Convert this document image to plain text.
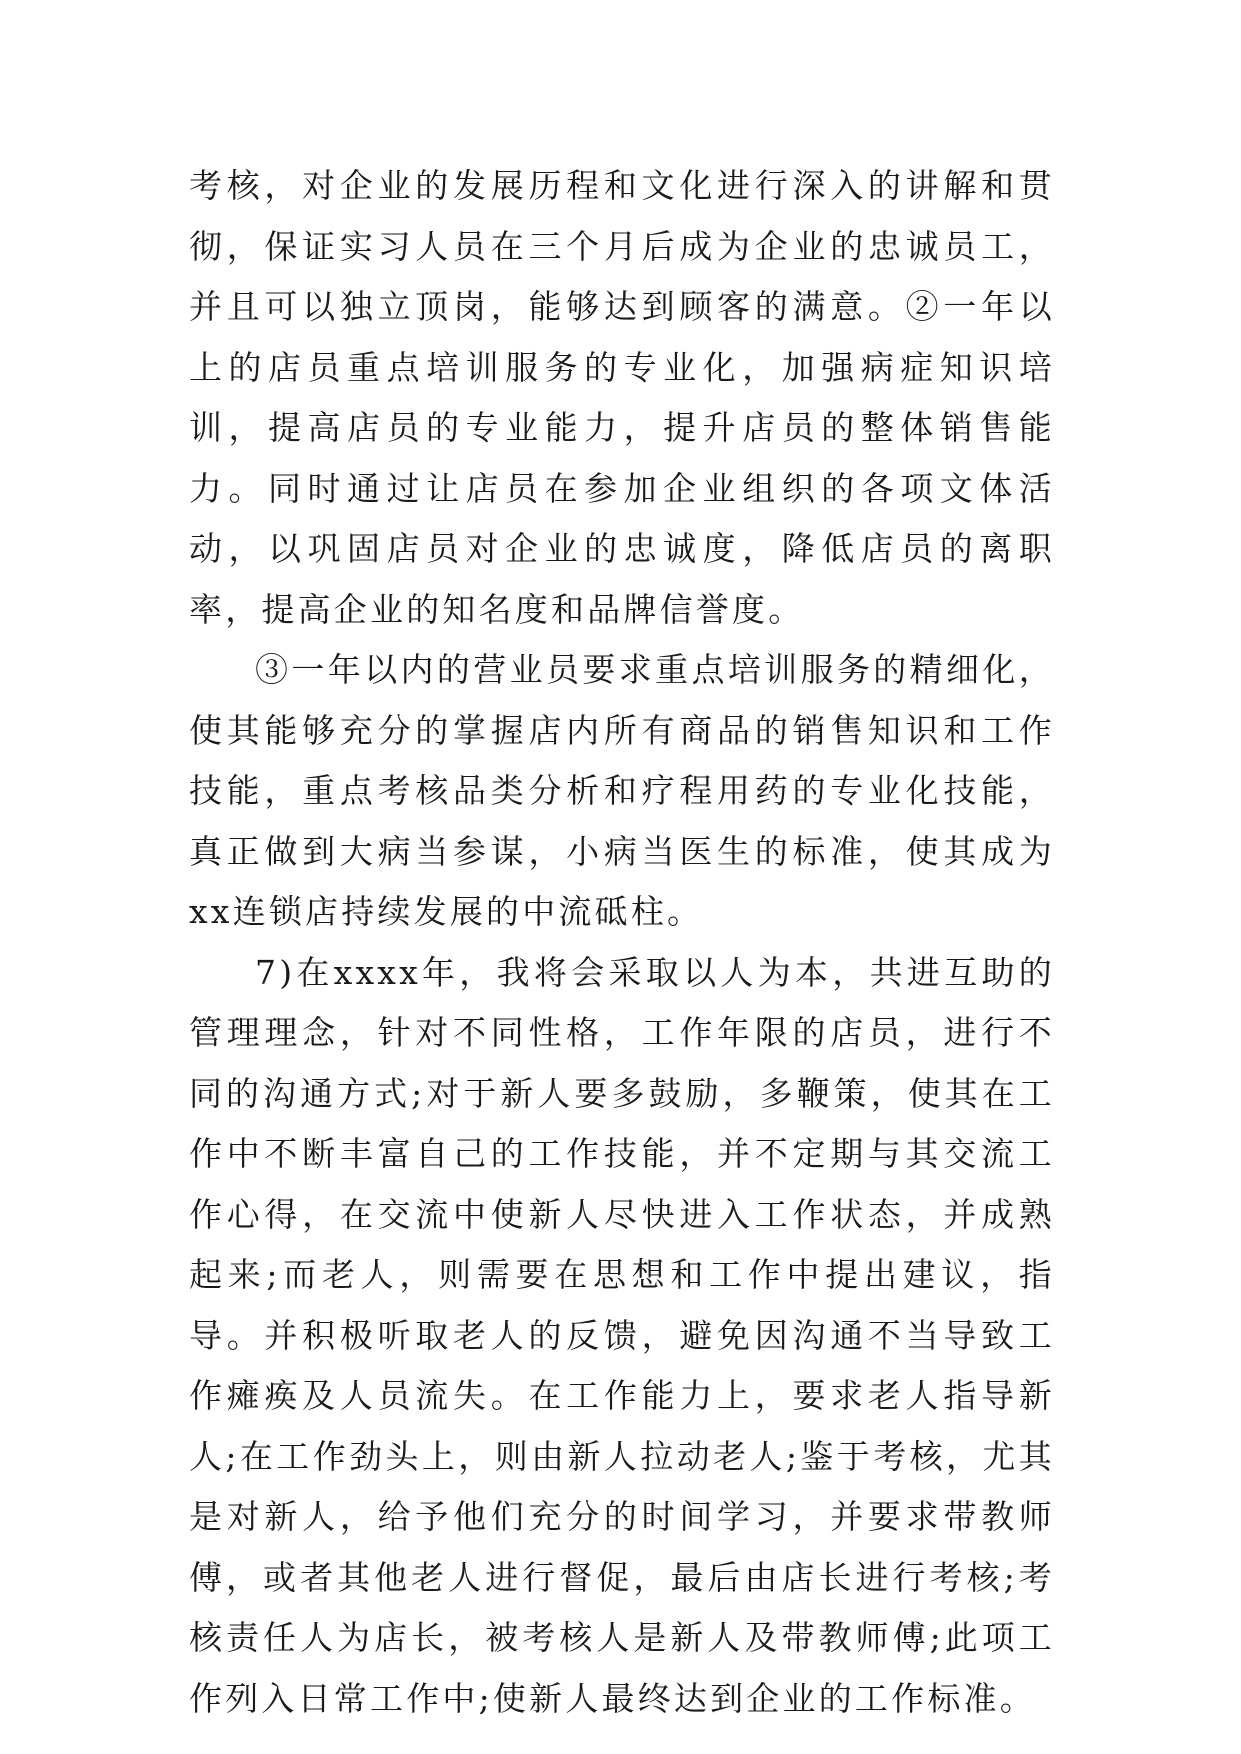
考核，对企业的发展历程和文化进行深入的讲解和贯彻，保证实习人员在三个月后成为企业的忠诚员工，并且可以独立顶岗，能够达到顾客的满意。②一年以上的店员重点培训服务的专业化，加强病症知识培训，提高店员的专业能力，提升店员的整体销售能力。同时通过让店员在参加企业组织的各项文体活动，以巩固店员对企业的忠诚度，降低店员的离职率，提高企业的知名度和品牌信誉度。

③一年以内的营业员要求重点培训服务的精细化，使其能够充分的掌握店内所有商品的销售知识和工作技能，重点考核品类分析和疗程用药的专业化技能，真正做到大病当参谋，小病当医生的标准，使其成为xx连锁店持续发展的中流砥柱。

7)在xxxx年，我将会采取以人为本，共进互助的管理理念，针对不同性格，工作年限的店员，进行不同的沟通方式;对于新人要多鼓励，多鞭策，使其在工作中不断丰富自己的工作技能，并不定期与其交流工作心得，在交流中使新人尽快进入工作状态，并成熟起来;而老人，则需要在思想和工作中提出建议，指导。并积极听取老人的反馈，避免因沟通不当导致工作瘫痪及人员流失。在工作能力上，要求老人指导新人;在工作劲头上，则由新人拉动老人;鉴于考核，尤其是对新人，给予他们充分的时间学习，并要求带教师傅，或者其他老人进行督促，最后由店长进行考核;考核责任人为店长，被考核人是新人及带教师傅;此项工作列入日常工作中;使新人最终达到企业的工作标准。
